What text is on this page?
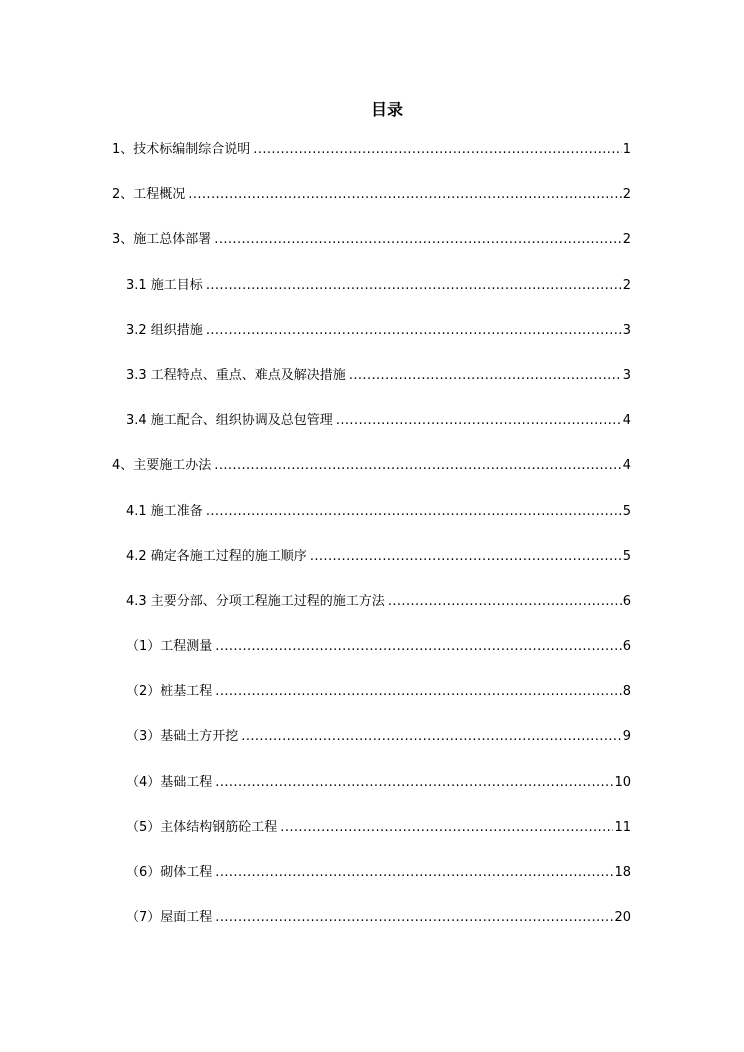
目录
1、技术标编制综合说明 .....	1
2、工程概况 .....	2
3、施工总体部署 .....	2
3.1 施工目标 .....	2
3.2 组织措施 .....	3
3.3 工程特点、重点、难点及解决措施 .....	3
3.4 施工配合、组织协调及总包管理 .....	4
4、主要施工办法 .....	4
4.1 施工准备 .....	5
4.2 确定各施工过程的施工顺序 .....	5
4.3 主要分部、分项工程施工过程的施工方法 .....	6
（1）工程测量 .....	6
（2）桩基工程 .....	8
（3）基础土方开挖 .....	9
（4）基础工程 .....	10
（5）主体结构钢筋砼工程 .....	11
（6）砌体工程 .....	18
（7）屋面工程 .....	20
